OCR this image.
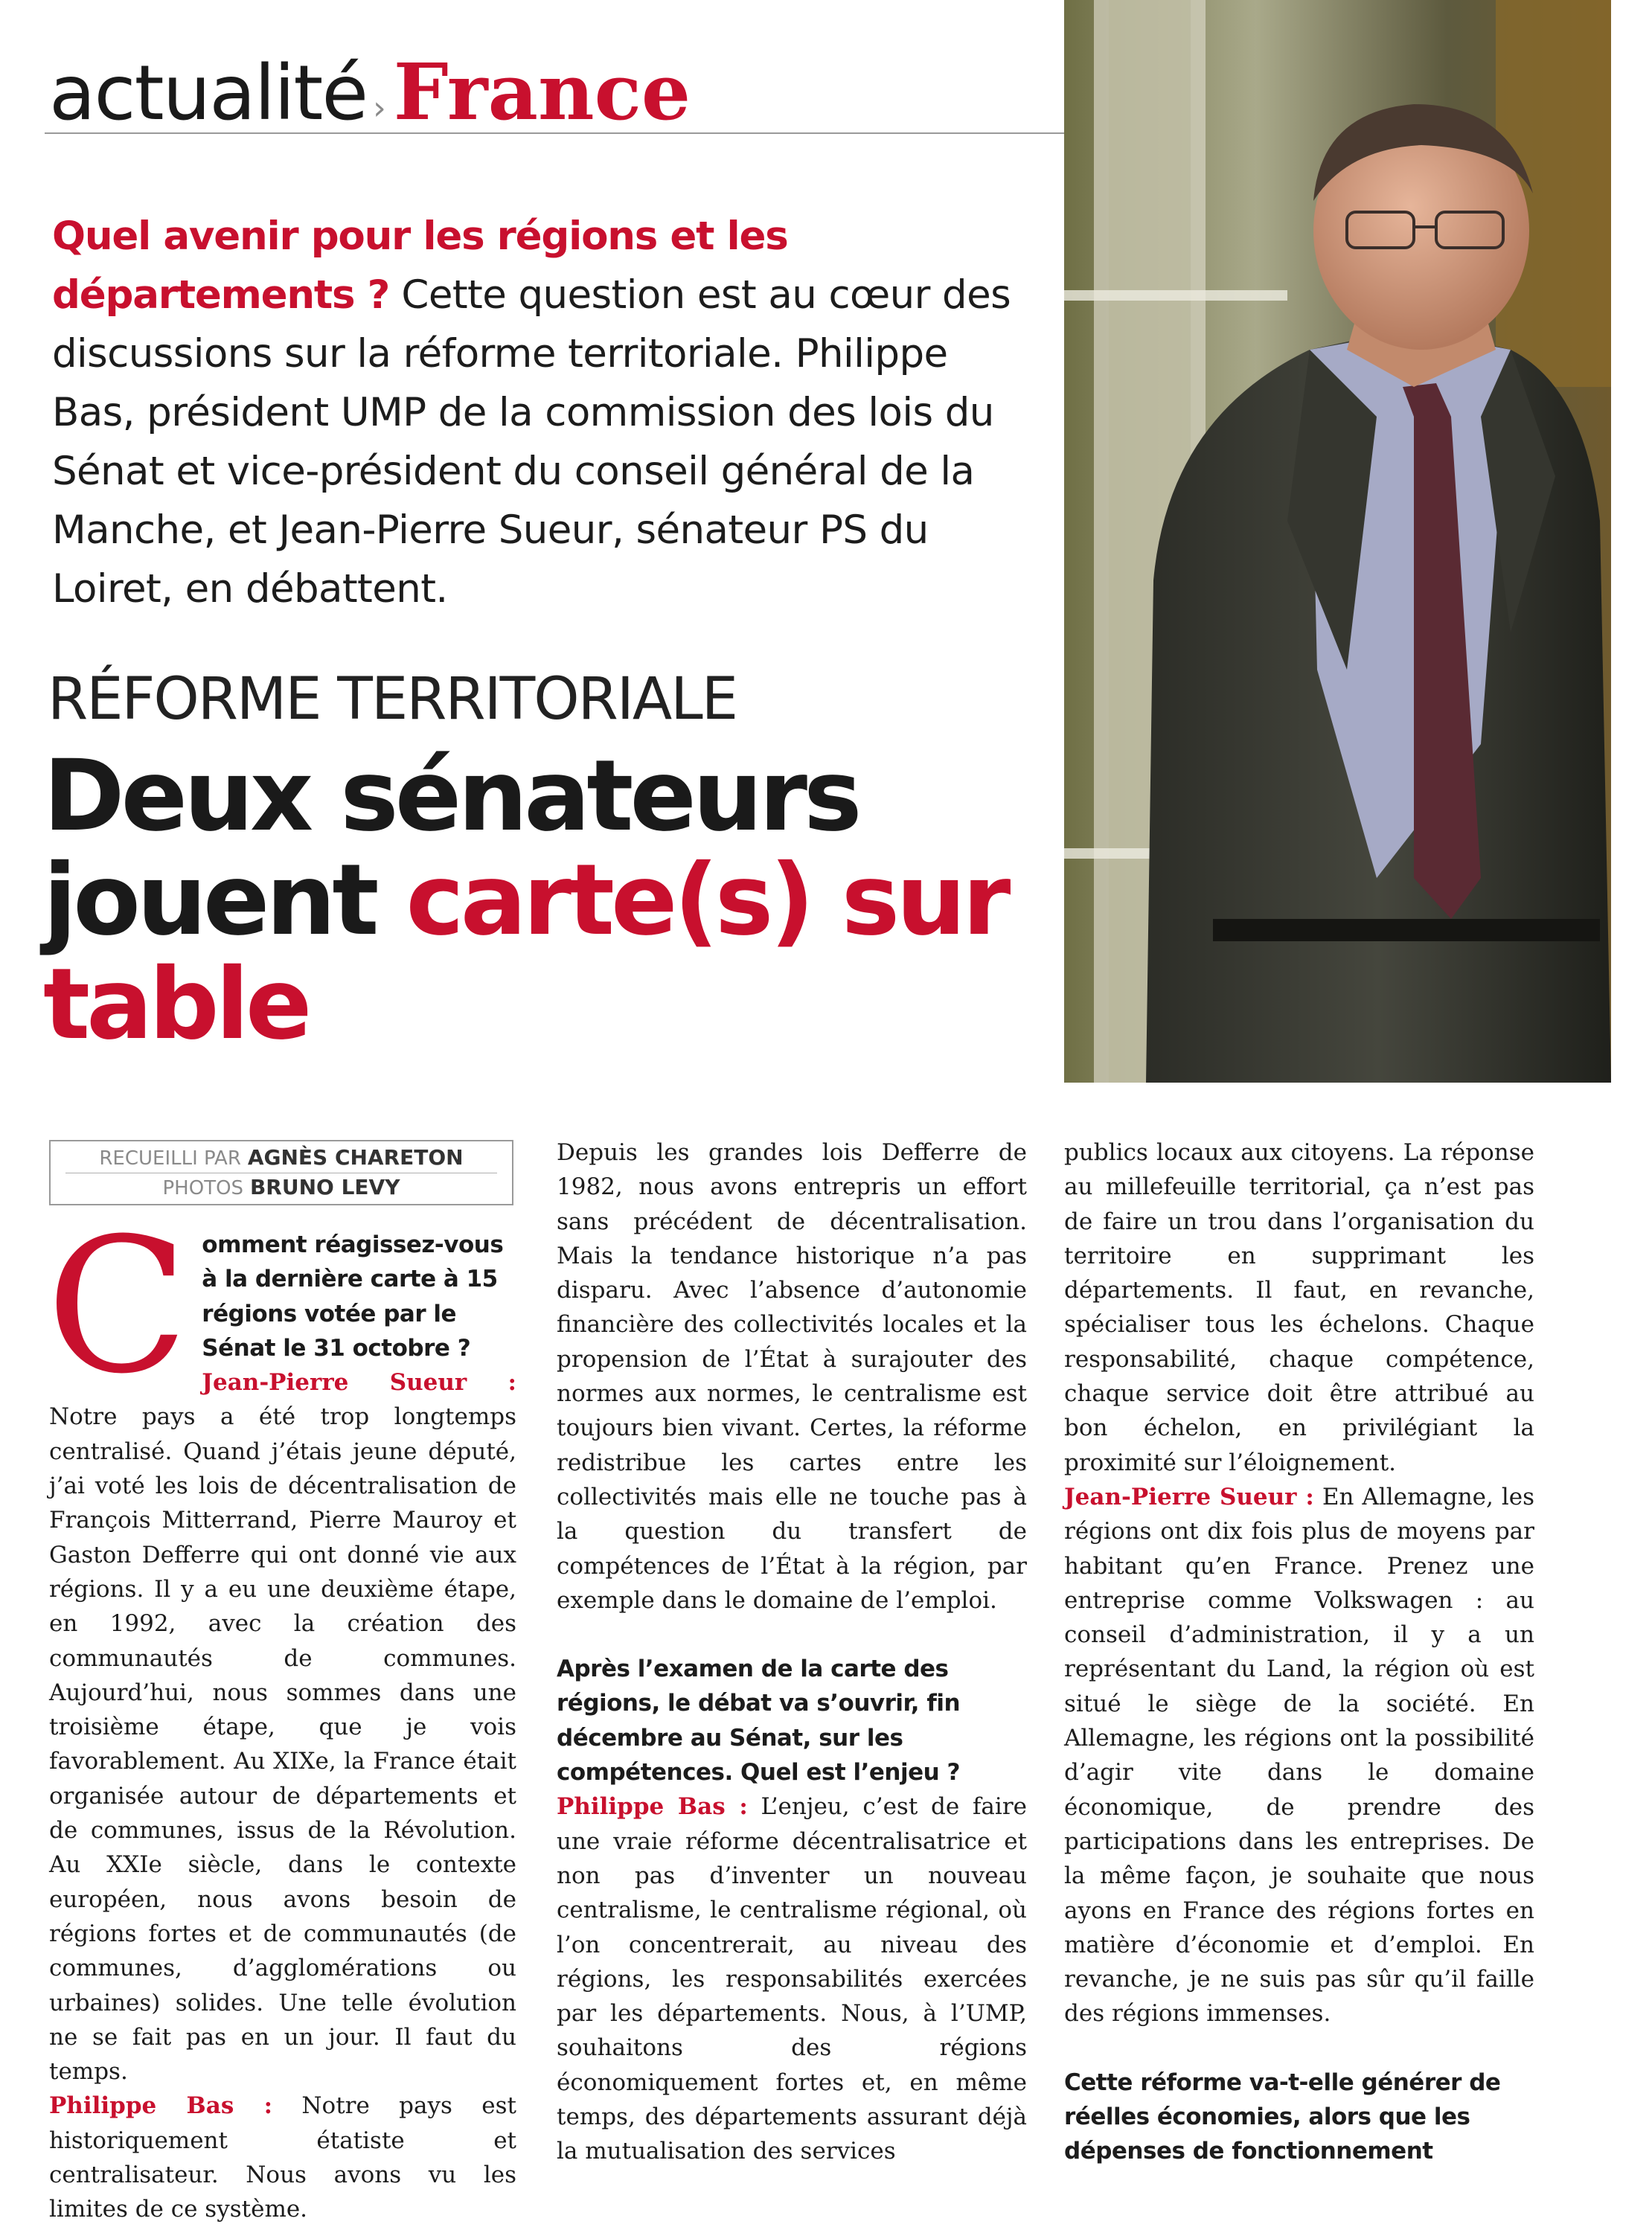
actualité ›France
Quel avenir pour les régions et les départements ? Cette question est au cœur des discussions sur la réforme territoriale. Philippe Bas, président UMP de la commission des lois du Sénat et vice-président du conseil général de la Manche, et Jean-Pierre Sueur, sénateur PS du Loiret, en débattent.
RÉFORME TERRITORIALE
Deux sénateurs jouent carte(s) sur table
RECUEILLI PAR AGNÈS CHARETON
PHOTOS BRUNO LEVY
C omment réagissez-vous à la dernière carte à 15 régions votée par le Sénat le 31 octobre ?

Jean-Pierre Sueur : Notre pays a été trop longtemps centralisé. Quand j’étais jeune député, j’ai voté les lois de décentralisation de François Mitterrand, Pierre Mauroy et Gaston Defferre qui ont donné vie aux régions. Il y a eu une deuxième étape, en 1992, avec la création des communautés de communes. Aujourd’hui, nous sommes dans une troisième étape, que je vois favorablement. Au XIXe, la France était organisée autour de départements et de communes, issus de la Révolution. Au XXIe siècle, dans le contexte européen, nous avons besoin de régions fortes et de communautés (de communes, d’agglomérations ou urbaines) solides. Une telle évolution ne se fait pas en un jour. Il faut du temps.

Philippe Bas : Notre pays est historiquement étatiste et centralisateur. Nous avons vu les limites de ce système.

Depuis les grandes lois Defferre de 1982, nous avons entrepris un effort sans précédent de décentralisation. Mais la tendance historique n’a pas disparu. Avec l’absence d’autonomie financière des collectivités locales et la propension de l’État à surajouter des normes aux normes, le centralisme est toujours bien vivant. Certes, la réforme redistribue les cartes entre les collectivités mais elle ne touche pas à la question du transfert de compétences de l’État à la région, par exemple dans le domaine de l’emploi.

Après l’examen de la carte des régions, le débat va s’ouvrir, fin décembre au Sénat, sur les compétences. Quel est l’enjeu ?

Philippe Bas : L’enjeu, c’est de faire une vraie réforme décentralisatrice et non pas d’inventer un nouveau centralisme, le centralisme régional, où l’on concentrerait, au niveau des régions, les responsabilités exercées par les départements. Nous, à l’UMP, souhaitons des régions économiquement fortes et, en même temps, des départements assurant déjà la mutualisation des services

publics locaux aux citoyens. La réponse au millefeuille territorial, ça n’est pas de faire un trou dans l’organisation du territoire en supprimant les départements. Il faut, en revanche, spécialiser tous les échelons. Chaque responsabilité, chaque compétence, chaque service doit être attribué au bon échelon, en privilégiant la proximité sur l’éloignement.

Jean-Pierre Sueur : En Allemagne, les régions ont dix fois plus de moyens par habitant qu’en France. Prenez une entreprise comme Volkswagen : au conseil d’administration, il y a un représentant du Land, la région où est situé le siège de la société. En Allemagne, les régions ont la possibilité d’agir vite dans le domaine économique, de prendre des participations dans les entreprises. De la même façon, je souhaite que nous ayons en France des régions fortes en matière d’économie et d’emploi. En revanche, je ne suis pas sûr qu’il faille des régions immenses.

Cette réforme va-t-elle générer de réelles économies, alors que les dépenses de fonctionnement
